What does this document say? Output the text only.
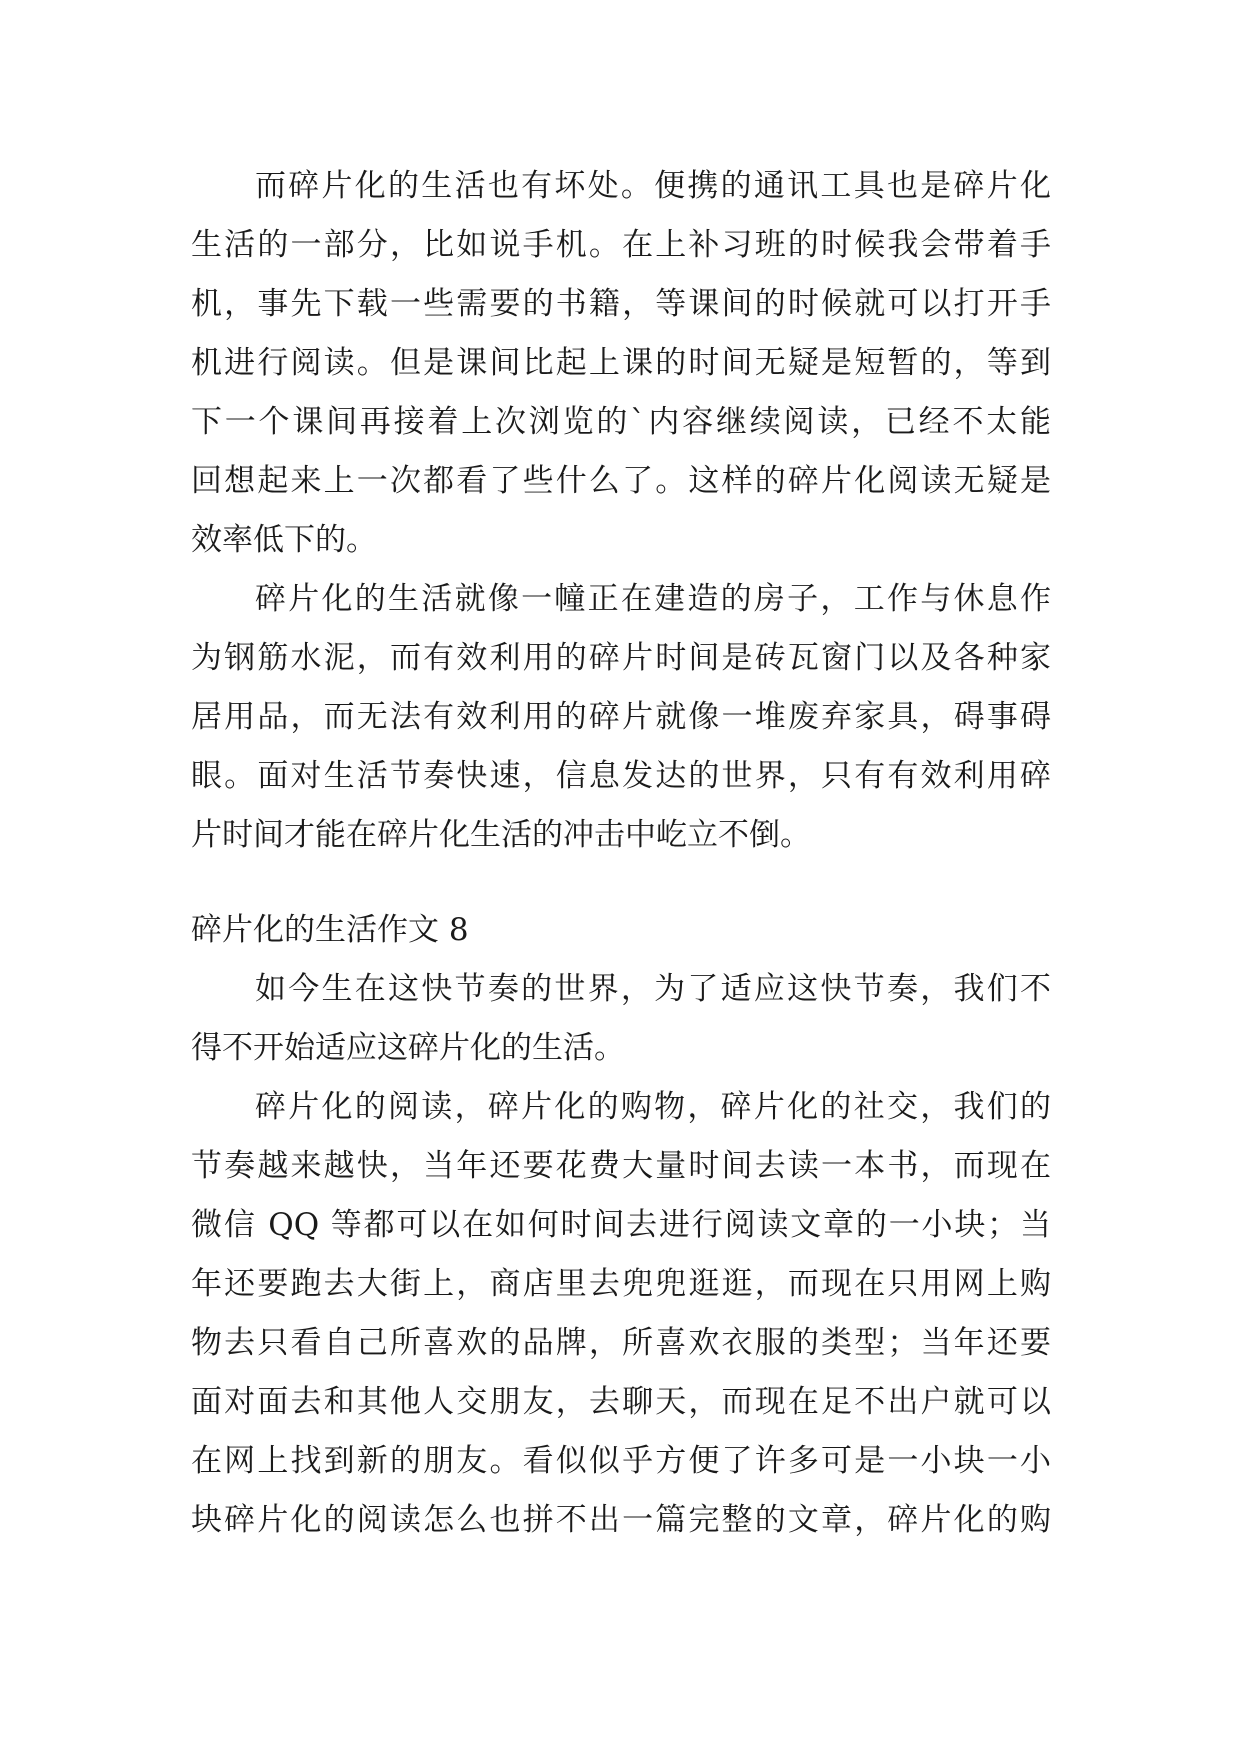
而碎片化的生活也有坏处。便携的通讯工具也是碎片化
生活的一部分，比如说手机。在上补习班的时候我会带着手
机，事先下载一些需要的书籍，等课间的时候就可以打开手
机进行阅读。但是课间比起上课的时间无疑是短暂的，等到
下一个课间再接着上次浏览的`内容继续阅读，已经不太能
回想起来上一次都看了些什么了。这样的碎片化阅读无疑是
效率低下的。
碎片化的生活就像一幢正在建造的房子，工作与休息作
为钢筋水泥，而有效利用的碎片时间是砖瓦窗门以及各种家
居用品，而无法有效利用的碎片就像一堆废弃家具，碍事碍
眼。面对生活节奏快速，信息发达的世界，只有有效利用碎
片时间才能在碎片化生活的冲击中屹立不倒。
碎片化的生活作文 8
如今生在这快节奏的世界，为了适应这快节奏，我们不
得不开始适应这碎片化的生活。
碎片化的阅读，碎片化的购物，碎片化的社交，我们的
节奏越来越快，当年还要花费大量时间去读一本书，而现在
微信 QQ 等都可以在如何时间去进行阅读文章的一小块；当
年还要跑去大街上，商店里去兜兜逛逛，而现在只用网上购
物去只看自己所喜欢的品牌，所喜欢衣服的类型；当年还要
面对面去和其他人交朋友，去聊天，而现在足不出户就可以
在网上找到新的朋友。看似似乎方便了许多可是一小块一小
块碎片化的阅读怎么也拼不出一篇完整的文章，碎片化的购
